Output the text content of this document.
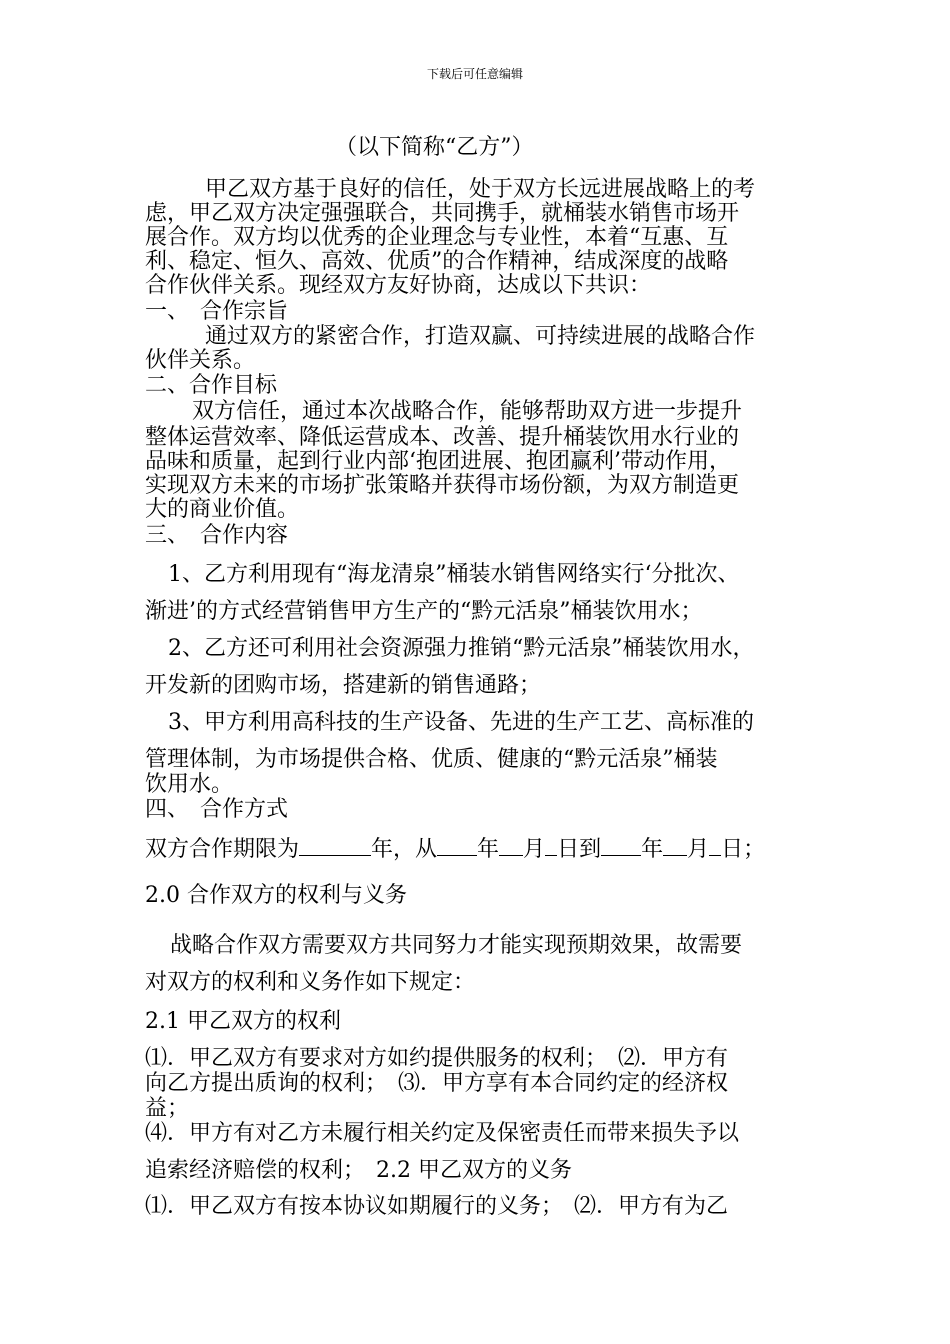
下载后可任意编辑
（以下简称“乙方”）
甲乙双方基于良好的信任，处于双方长远进展战略上的考
虑，甲乙双方决定强强联合，共同携手，就桶装水销售市场开
展合作。双方均以优秀的企业理念与专业性，本着“互惠、互
利、稳定、恒久、高效、优质”的合作精神，结成深度的战略
合作伙伴关系。现经双方友好协商，达成以下共识：
一、　合作宗旨
通过双方的紧密合作，打造双赢、可持续进展的战略合作
伙伴关系。
二、合作目标
双方信任，通过本次战略合作，能够帮助双方进一步提升
整体运营效率、降低运营成本、改善、提升桶装饮用水行业的
品味和质量，起到行业内部‘抱团进展、抱团赢利’带动作用，
实现双方未来的市场扩张策略并获得市场份额，为双方制造更
大的商业价值。
三、　合作内容
1、乙方利用现有“海龙清泉”桶装水销售网络实行‘分批次、
渐进’的方式经营销售甲方生产的“黔元活泉”桶装饮用水；
2、乙方还可利用社会资源强力推销“黔元活泉”桶装饮用水，
开发新的团购市场，搭建新的销售通路；
3、甲方利用高科技的生产设备、先进的生产工艺、高标准的
管理体制，为市场提供合格、优质、健康的“黔元活泉”桶装
饮用水。
四、　合作方式
双方合作期限为	年，从 年 月 日到 年 月 日；
2.0 合作双方的权利与义务
战略合作双方需要双方共同努力才能实现预期效果，故需要
对双方的权利和义务作如下规定：
2.1 甲乙双方的权利
⑴．甲乙双方有要求对方如约提供服务的权利；　⑵．甲方有
向乙方提出质询的权利；　⑶．甲方享有本合同约定的经济权
益；
⑷．甲方有对乙方未履行相关约定及保密责任而带来损失予以
追索经济赔偿的权利；　2.2 甲乙双方的义务
⑴．甲乙双方有按本协议如期履行的义务；　⑵．甲方有为乙
